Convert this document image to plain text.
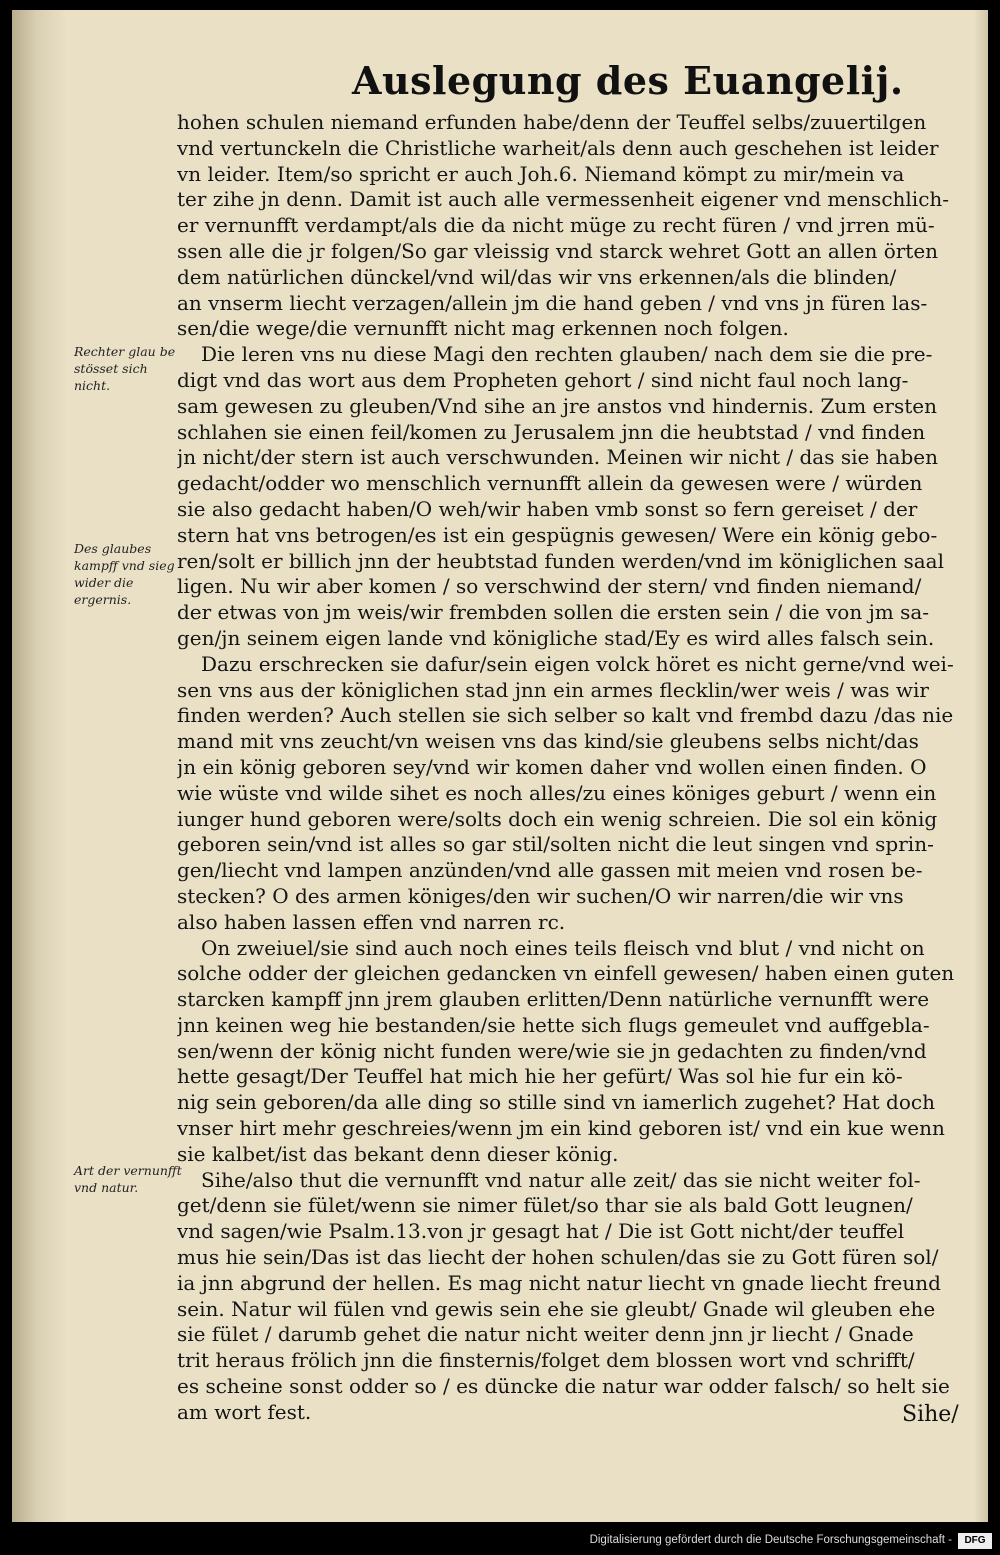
Auslegung des Euangelij.
Rechter glau be stösset sich nicht.
Des glaubes kampff vnd sieg wider die ergernis.
Art der vernunfft vnd natur.
hohen schulen niemand erfunden habe/denn der Teuffel selbs/zuuertilgen
vnd vertunckeln die Christliche warheit/als denn auch geschehen ist leider
vn leider. Item/so spricht er auch Joh.6. Niemand kömpt zu mir/mein va
ter zihe jn denn. Damit ist auch alle vermessenheit eigener vnd menschlich-
er vernunfft verdampt/als die da nicht müge zu recht füren / vnd jrren mü-
ssen alle die jr folgen/So gar vleissig vnd starck wehret Gott an allen örten
dem natürlichen dünckel/vnd wil/das wir vns erkennen/als die blinden/
an vnserm liecht verzagen/allein jm die hand geben / vnd vns jn füren las-
sen/die wege/die vernunfft nicht mag erkennen noch folgen.
Die leren vns nu diese Magi den rechten glauben/ nach dem sie die pre-
digt vnd das wort aus dem Propheten gehort / sind nicht faul noch lang-
sam gewesen zu gleuben/Vnd sihe an jre anstos vnd hindernis. Zum ersten
schlahen sie einen feil/komen zu Jerusalem jnn die heubtstad / vnd finden
jn nicht/der stern ist auch verschwunden. Meinen wir nicht / das sie haben
gedacht/odder wo menschlich vernunfft allein da gewesen were / würden
sie also gedacht haben/O weh/wir haben vmb sonst so fern gereiset / der
stern hat vns betrogen/es ist ein gespügnis gewesen/ Were ein könig gebo-
ren/solt er billich jnn der heubtstad funden werden/vnd im königlichen saal
ligen. Nu wir aber komen / so verschwind der stern/ vnd finden niemand/
der etwas von jm weis/wir frembden sollen die ersten sein / die von jm sa-
gen/jn seinem eigen lande vnd königliche stad/Ey es wird alles falsch sein.
Dazu erschrecken sie dafur/sein eigen volck höret es nicht gerne/vnd wei-
sen vns aus der königlichen stad jnn ein armes flecklin/wer weis / was wir
finden werden? Auch stellen sie sich selber so kalt vnd frembd dazu /das nie
mand mit vns zeucht/vn weisen vns das kind/sie gleubens selbs nicht/das
jn ein könig geboren sey/vnd wir komen daher vnd wollen einen finden. O
wie wüste vnd wilde sihet es noch alles/zu eines königes geburt / wenn ein
iunger hund geboren were/solts doch ein wenig schreien. Die sol ein könig
geboren sein/vnd ist alles so gar stil/solten nicht die leut singen vnd sprin-
gen/liecht vnd lampen anzünden/vnd alle gassen mit meien vnd rosen be-
stecken? O des armen königes/den wir suchen/O wir narren/die wir vns
also haben lassen effen vnd narren rc.
On zweiuel/sie sind auch noch eines teils fleisch vnd blut / vnd nicht on
solche odder der gleichen gedancken vn einfell gewesen/ haben einen guten
starcken kampff jnn jrem glauben erlitten/Denn natürliche vernunfft were
jnn keinen weg hie bestanden/sie hette sich flugs gemeulet vnd auffgebla-
sen/wenn der könig nicht funden were/wie sie jn gedachten zu finden/vnd
hette gesagt/Der Teuffel hat mich hie her gefürt/ Was sol hie fur ein kö-
nig sein geboren/da alle ding so stille sind vn iamerlich zugehet? Hat doch
vnser hirt mehr geschreies/wenn jm ein kind geboren ist/ vnd ein kue wenn
sie kalbet/ist das bekant denn dieser könig.
Sihe/also thut die vernunfft vnd natur alle zeit/ das sie nicht weiter fol-
get/denn sie fület/wenn sie nimer fület/so thar sie als bald Gott leugnen/
vnd sagen/wie Psalm.13.von jr gesagt hat / Die ist Gott nicht/der teuffel
mus hie sein/Das ist das liecht der hohen schulen/das sie zu Gott füren sol/
ia jnn abgrund der hellen. Es mag nicht natur liecht vn gnade liecht freund
sein. Natur wil fülen vnd gewis sein ehe sie gleubt/ Gnade wil gleuben ehe
sie fület / darumb gehet die natur nicht weiter denn jnn jr liecht / Gnade
trit heraus frölich jnn die finsternis/folget dem blossen wort vnd schrifft/
es scheine sonst odder so / es düncke die natur war odder falsch/ so helt sie
am wort fest.	Sihe/
Digitalisierung gefördert durch die Deutsche Forschungsgemeinschaft -	DFG
